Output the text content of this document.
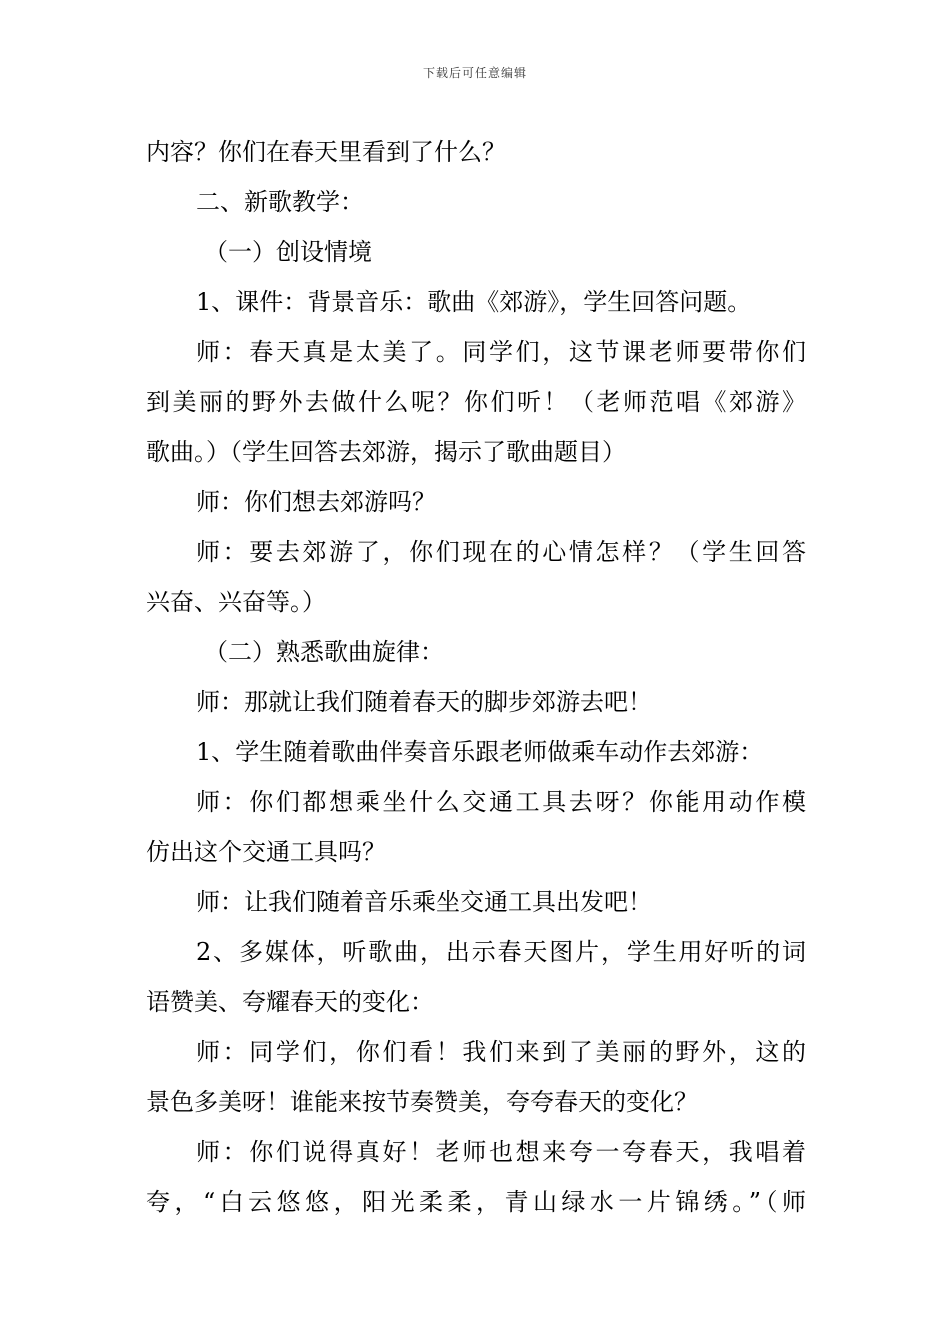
下载后可任意编辑
内容？你们在春天里看到了什么？
二、新歌教学：
（一）创设情境
1、课件：背景音乐：歌曲《郊游》，学生回答问题。
师：春天真是太美了。同学们，这节课老师要带你们
到美丽的野外去做什么呢？你们听！（老师范唱《郊游》
歌曲。）（学生回答去郊游，揭示了歌曲题目）
师：你们想去郊游吗？
师：要去郊游了，你们现在的心情怎样？（学生回答
兴奋、兴奋等。）
（二）熟悉歌曲旋律：
师：那就让我们随着春天的脚步郊游去吧！
1、学生随着歌曲伴奏音乐跟老师做乘车动作去郊游：
师：你们都想乘坐什么交通工具去呀？你能用动作模
仿出这个交通工具吗？
师：让我们随着音乐乘坐交通工具出发吧！
2、多媒体，听歌曲，出示春天图片，学生用好听的词
语赞美、夸耀春天的变化：
师：同学们，你们看！我们来到了美丽的野外，这的
景色多美呀！谁能来按节奏赞美，夸夸春天的变化？
师：你们说得真好！老师也想来夸一夸春天，我唱着
夸，“白云悠悠，阳光柔柔，青山绿水一片锦绣。”（师
